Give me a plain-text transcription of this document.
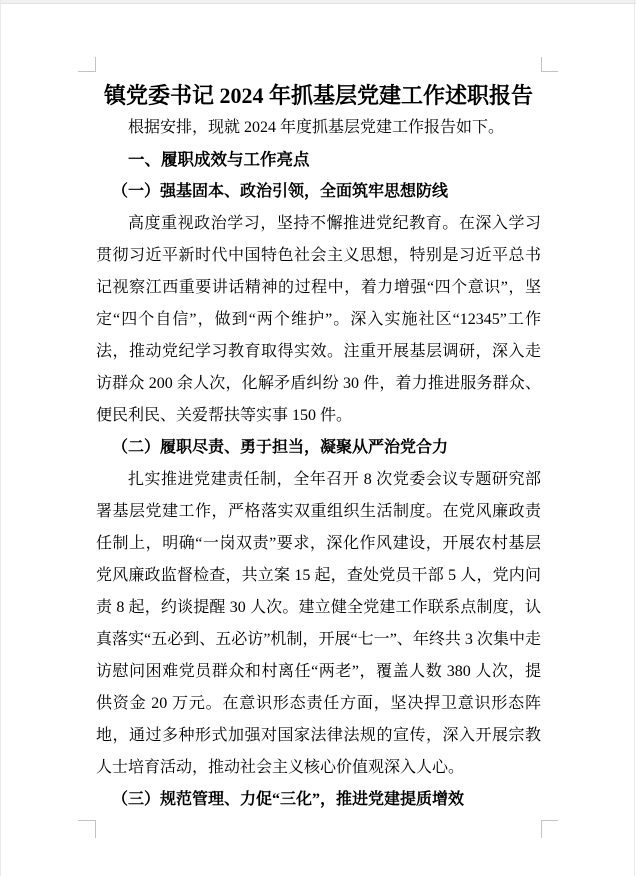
镇党委书记 2024 年抓基层党建工作述职报告

根据安排，现就 2024 年度抓基层党建工作报告如下。

一、履职成效与工作亮点

（一）强基固本、政治引领，全面筑牢思想防线

高度重视政治学习，坚持不懈推进党纪教育。在深入学习贯彻习近平新时代中国特色社会主义思想，特别是习近平总书记视察江西重要讲话精神的过程中，着力增强“四个意识”，坚定“四个自信”，做到“两个维护”。深入实施社区“12345”工作法，推动党纪学习教育取得实效。注重开展基层调研，深入走访群众 200 余人次，化解矛盾纠纷 30 件，着力推进服务群众、便民利民、关爱帮扶等实事 150 件。

（二）履职尽责、勇于担当，凝聚从严治党合力

扎实推进党建责任制，全年召开 8 次党委会议专题研究部署基层党建工作，严格落实双重组织生活制度。在党风廉政责任制上，明确“一岗双责”要求，深化作风建设，开展农村基层党风廉政监督检查，共立案 15 起，查处党员干部 5 人，党内问责 8 起，约谈提醒 30 人次。建立健全党建工作联系点制度，认真落实“五必到、五必访”机制，开展“七一”、年终共 3 次集中走访慰问困难党员群众和村离任“两老”，覆盖人数 380 人次，提供资金 20 万元。在意识形态责任方面，坚决捍卫意识形态阵地，通过多种形式加强对国家法律法规的宣传，深入开展宗教人士培育活动，推动社会主义核心价值观深入人心。

（三）规范管理、力促“三化”，推进党建提质增效
